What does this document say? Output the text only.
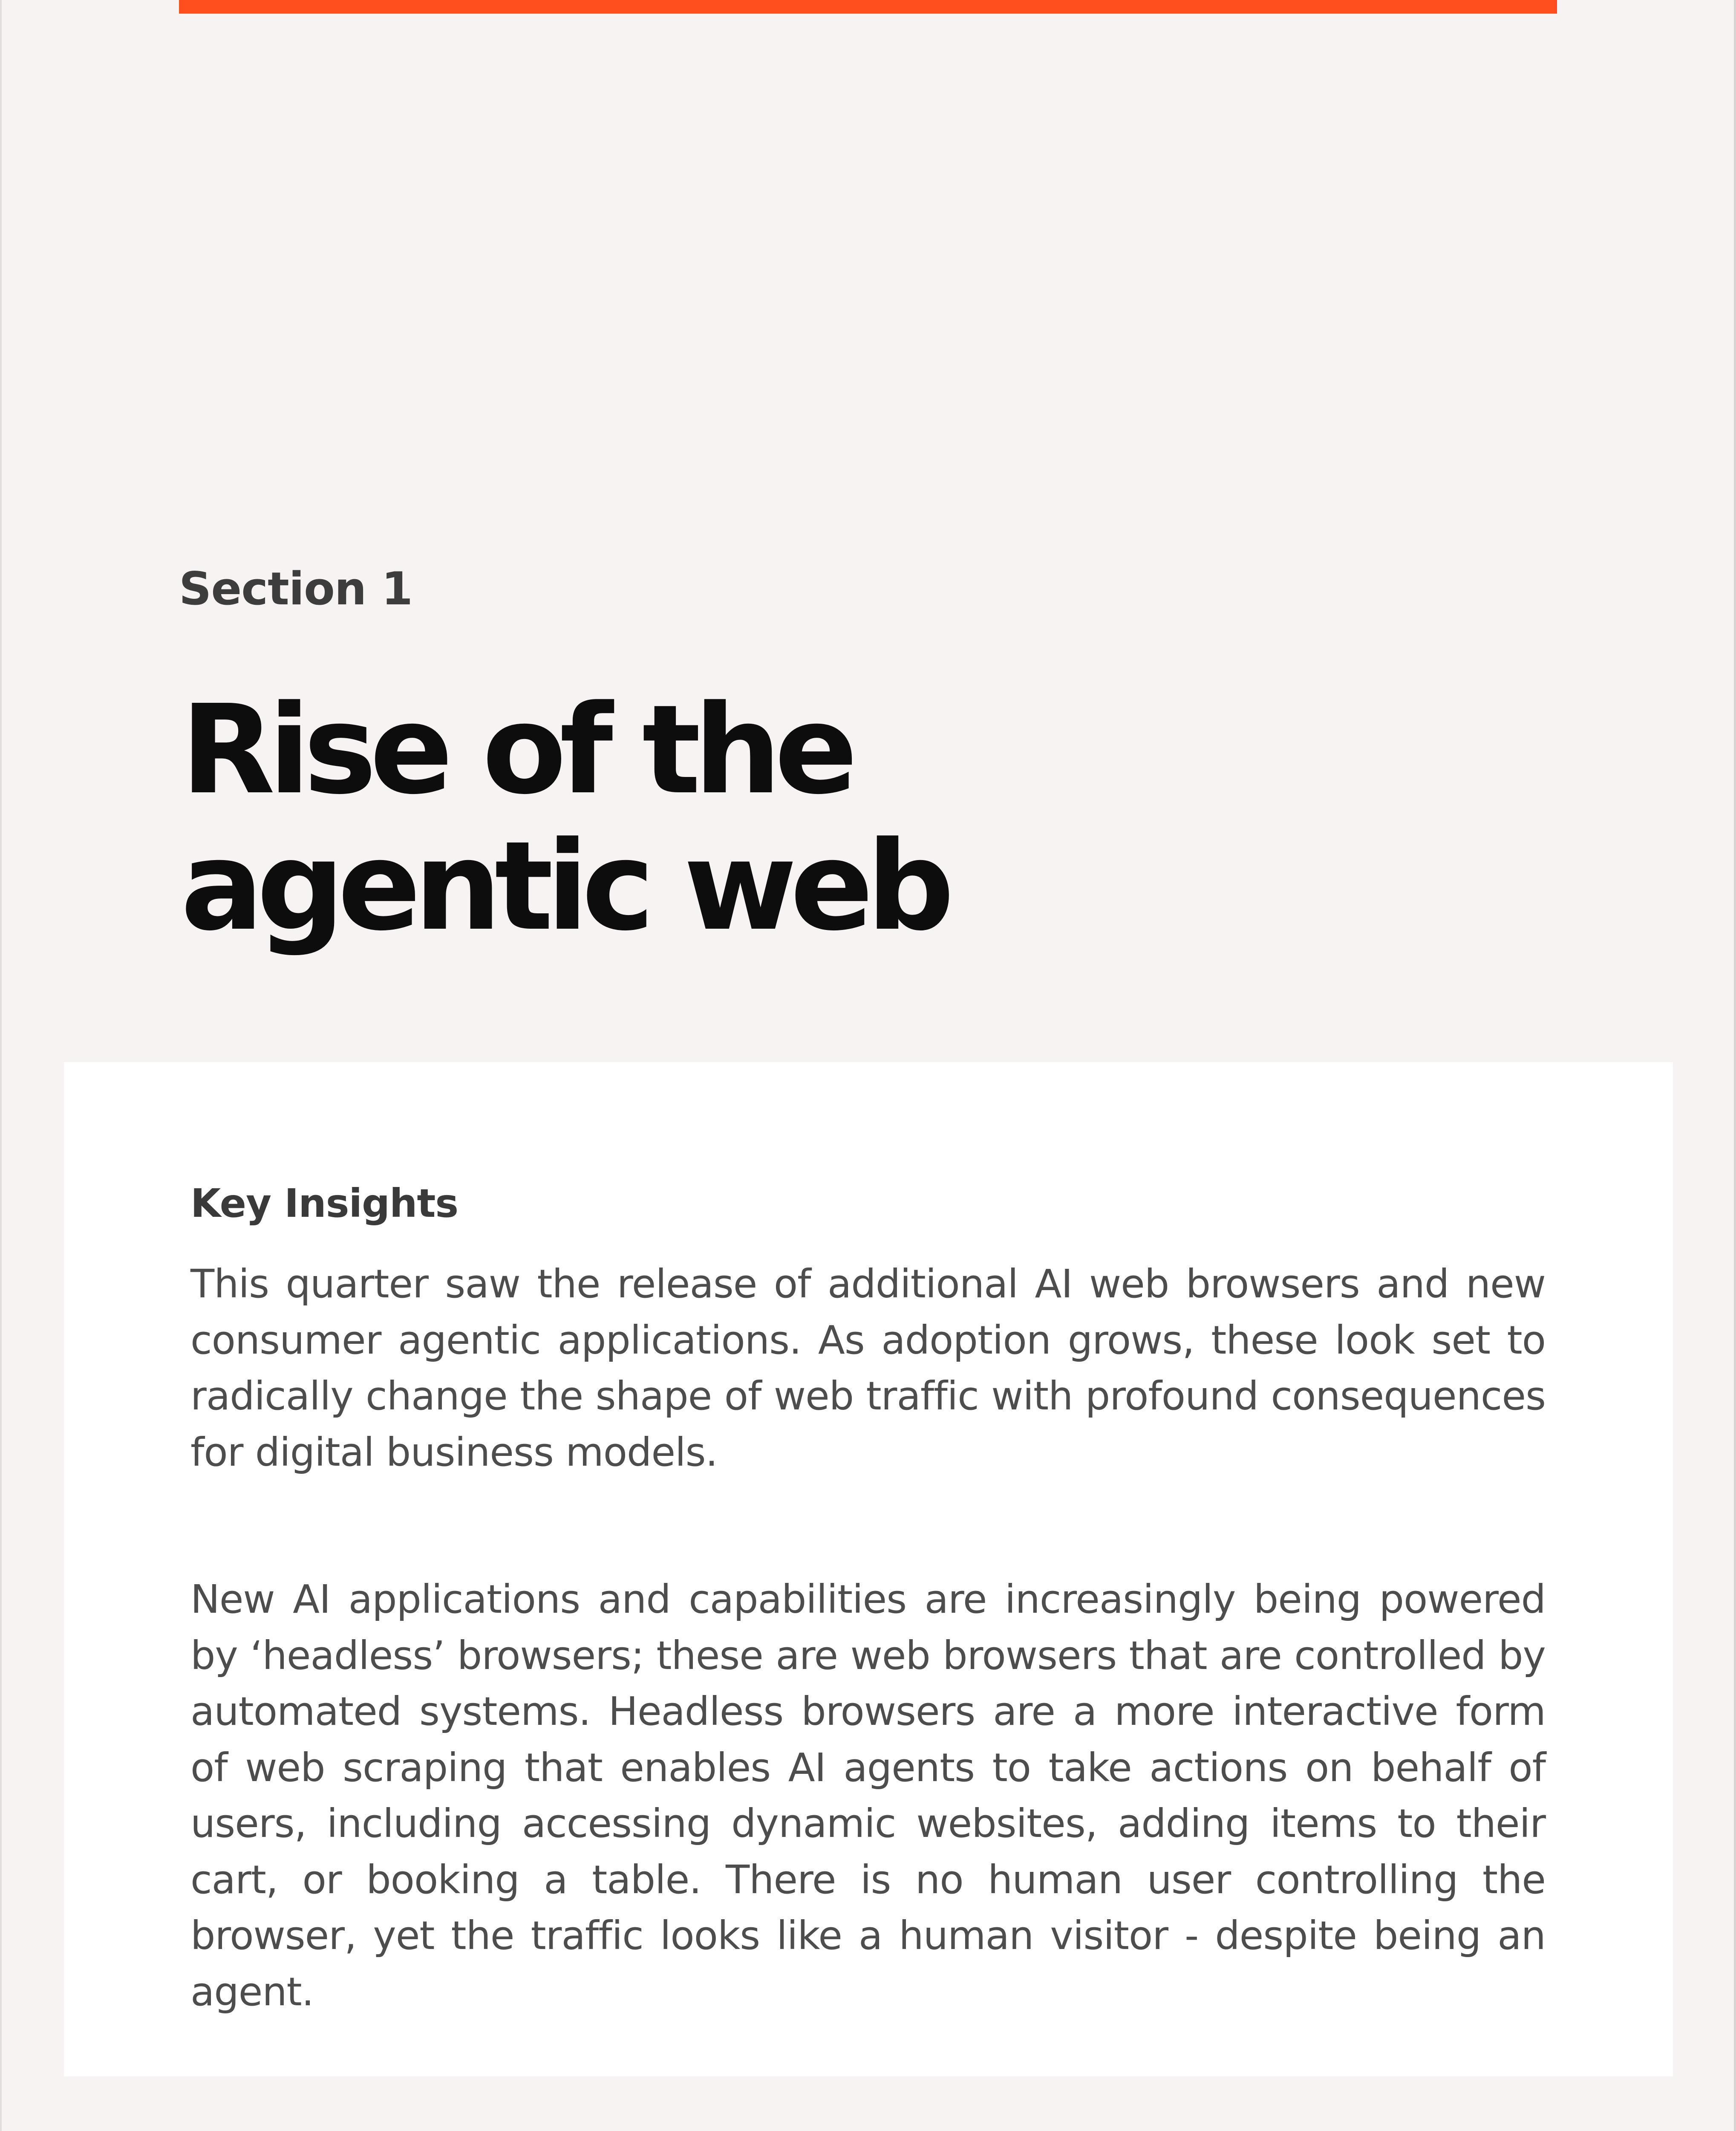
Section 1
Rise of the agentic web
Key Insights

This quarter saw the release of additional AI web browsers and new consumer agentic applications. As adoption grows, these look set to radically change the shape of web traffic with profound consequences for digital business models.

New AI applications and capabilities are increasingly being powered by ‘headless’ browsers; these are web browsers that are controlled by automated systems. Headless browsers are a more interactive form of web scraping that enables AI agents to take actions on behalf of users, including accessing dynamic websites, adding items to their cart, or booking a table. There is no human user controlling the browser, yet the traffic looks like a human visitor - despite being an agent.
